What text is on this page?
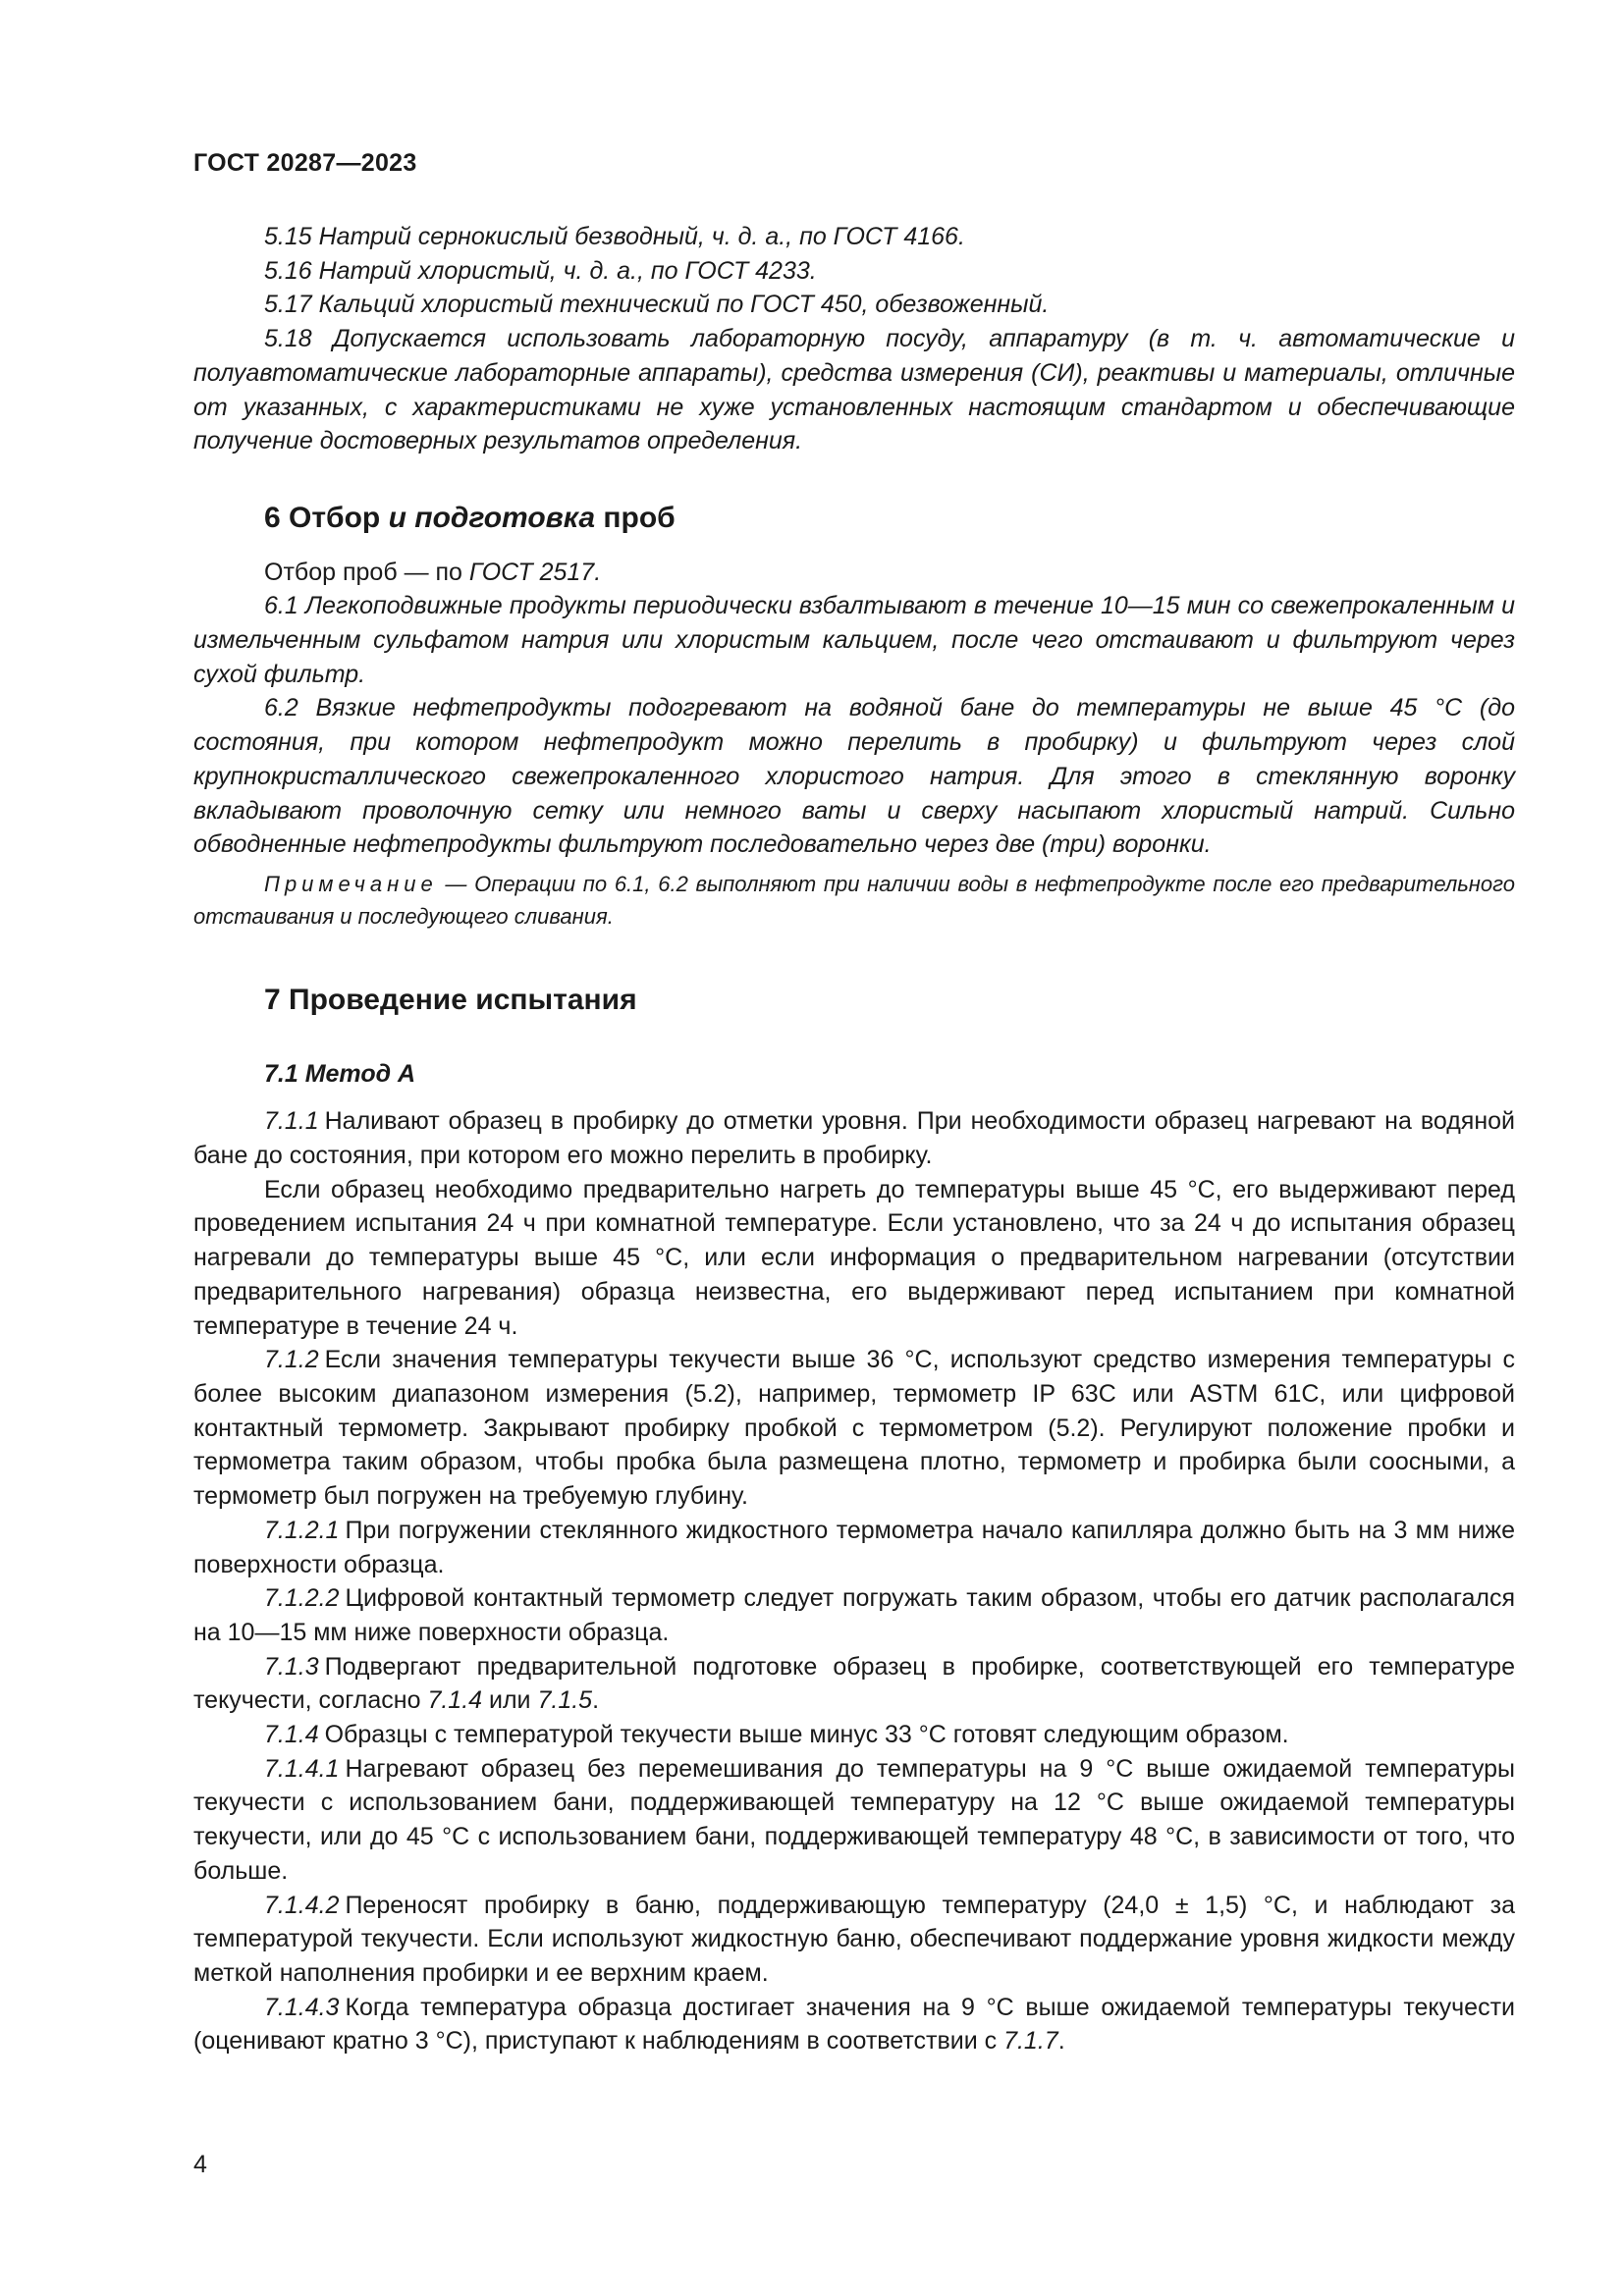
ГОСТ 20287—2023

5.15 Натрий сернокислый безводный, ч. д. а., по ГОСТ 4166.

5.16 Натрий хлористый, ч. д. а., по ГОСТ 4233.

5.17 Кальций хлористый технический по ГОСТ 450, обезвоженный.

5.18 Допускается использовать лабораторную посуду, аппаратуру (в т. ч. автоматические и полуавтоматические лабораторные аппараты), средства измерения (СИ), реактивы и материалы, отличные от указанных, с характеристиками не хуже установленных настоящим стандартом и обеспечивающие получение достоверных результатов определения.

6 Отбор и подготовка проб

Отбор проб — по ГОСТ 2517.

6.1 Легкоподвижные продукты периодически взбалтывают в течение 10—15 мин со свежепрокаленным и измельченным сульфатом натрия или хлористым кальцием, после чего отстаивают и фильтруют через сухой фильтр.

6.2 Вязкие нефтепродукты подогревают на водяной бане до температуры не выше 45 °С (до состояния, при котором нефтепродукт можно перелить в пробирку) и фильтруют через слой крупнокристаллического свежепрокаленного хлористого натрия. Для этого в стеклянную воронку вкладывают проволочную сетку или немного ваты и сверху насыпают хлористый натрий. Сильно обводненные нефтепродукты фильтруют последовательно через две (три) воронки.

Примечание — Операции по 6.1, 6.2 выполняют при наличии воды в нефтепродукте после его предварительного отстаивания и последующего сливания.

7 Проведение испытания
7.1 Метод А

7.1.1 Наливают образец в пробирку до отметки уровня. При необходимости образец нагревают на водяной бане до состояния, при котором его можно перелить в пробирку.

Если образец необходимо предварительно нагреть до температуры выше 45 °С, его выдерживают перед проведением испытания 24 ч при комнатной температуре. Если установлено, что за 24 ч до испытания образец нагревали до температуры выше 45 °С, или если информация о предварительном нагревании (отсутствии предварительного нагревания) образца неизвестна, его выдерживают перед испытанием при комнатной температуре в течение 24 ч.

7.1.2 Если значения температуры текучести выше 36 °С, используют средство измерения температуры с более высоким диапазоном измерения (5.2), например, термометр IP 63C или ASTM 61C, или цифровой контактный термометр. Закрывают пробирку пробкой с термометром (5.2). Регулируют положение пробки и термометра таким образом, чтобы пробка была размещена плотно, термометр и пробирка были соосными, а термометр был погружен на требуемую глубину.

7.1.2.1 При погружении стеклянного жидкостного термометра начало капилляра должно быть на 3 мм ниже поверхности образца.

7.1.2.2 Цифровой контактный термометр следует погружать таким образом, чтобы его датчик располагался на 10—15 мм ниже поверхности образца.

7.1.3 Подвергают предварительной подготовке образец в пробирке, соответствующей его температуре текучести, согласно 7.1.4 или 7.1.5.

7.1.4 Образцы с температурой текучести выше минус 33 °С готовят следующим образом.

7.1.4.1 Нагревают образец без перемешивания до температуры на 9 °С выше ожидаемой температуры текучести с использованием бани, поддерживающей температуру на 12 °С выше ожидаемой температуры текучести, или до 45 °С с использованием бани, поддерживающей температуру 48 °С, в зависимости от того, что больше.

7.1.4.2 Переносят пробирку в баню, поддерживающую температуру (24,0 ± 1,5) °С, и наблюдают за температурой текучести. Если используют жидкостную баню, обеспечивают поддержание уровня жидкости между меткой наполнения пробирки и ее верхним краем.

7.1.4.3 Когда температура образца достигает значения на 9 °С выше ожидаемой температуры текучести (оценивают кратно 3 °С), приступают к наблюдениям в соответствии с 7.1.7.

4
